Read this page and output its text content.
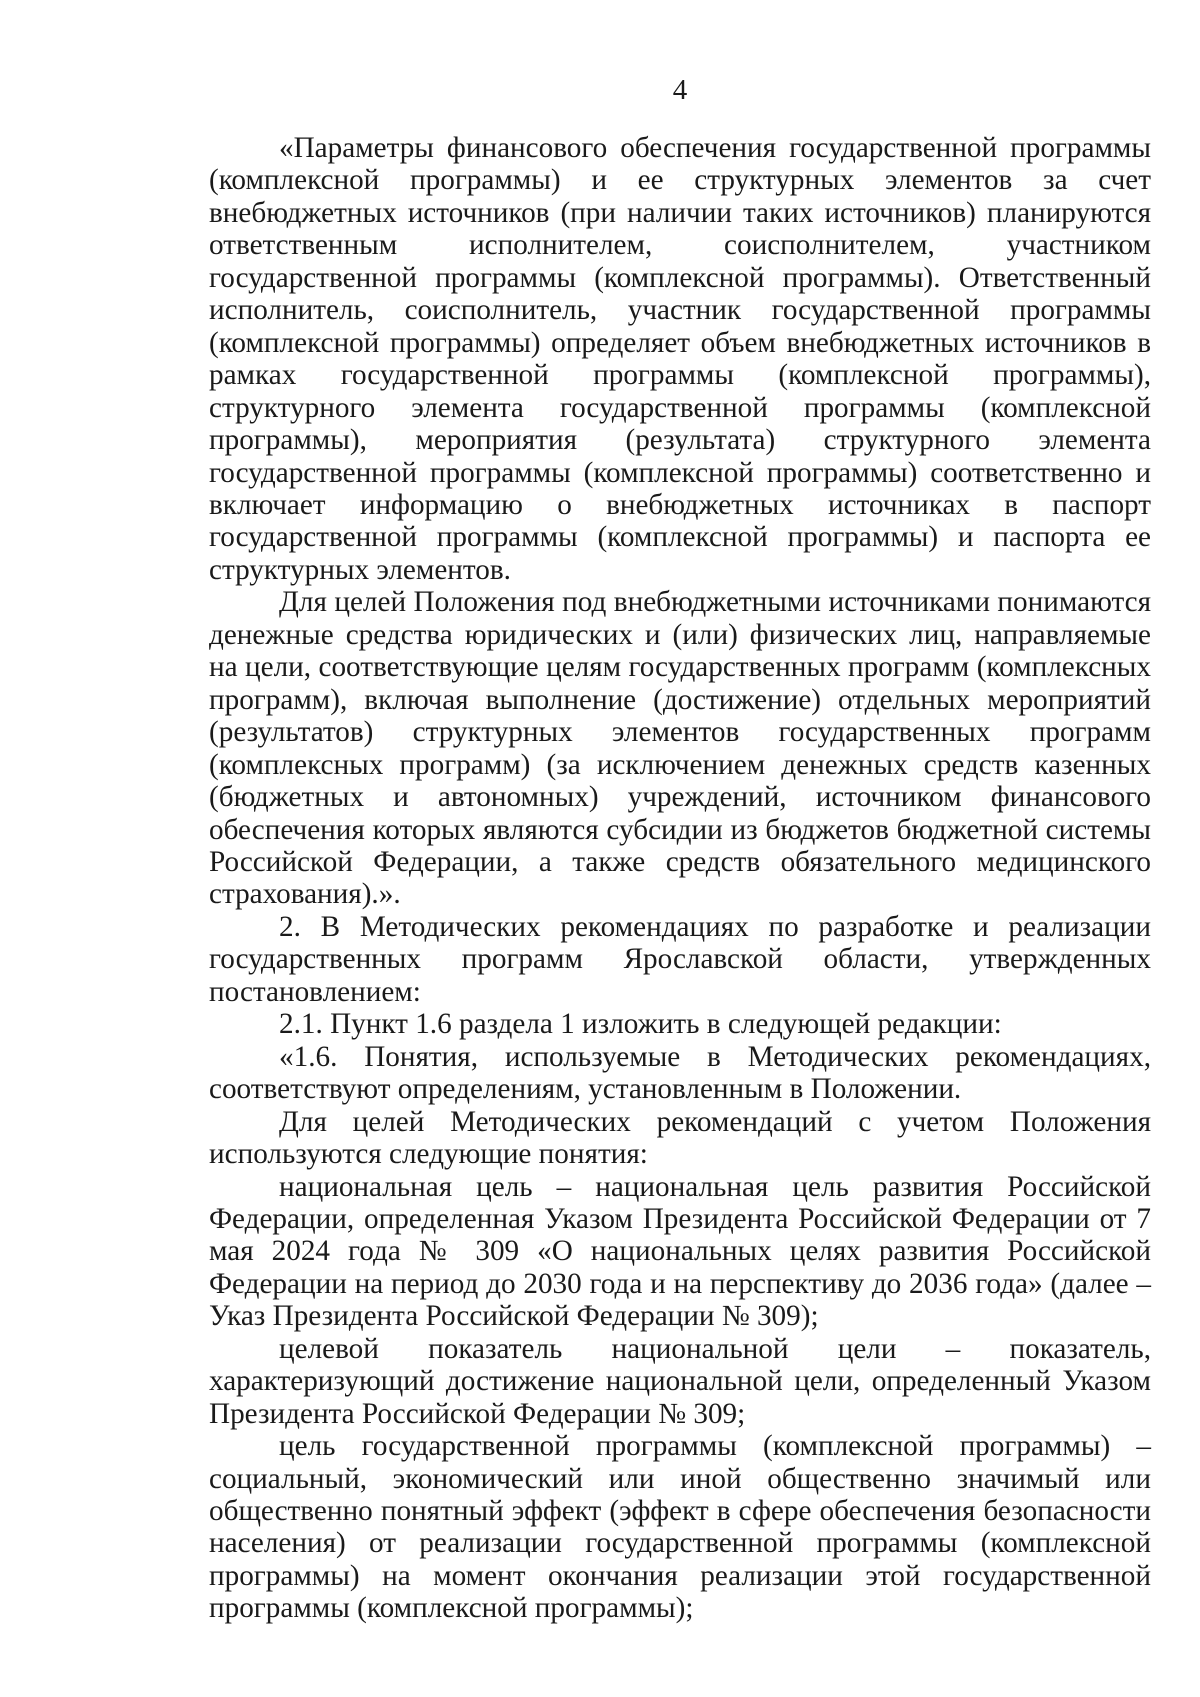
4

«Параметры финансового обеспечения государственной программы (комплексной программы) и ее структурных элементов за счет внебюджетных источников (при наличии таких источников) планируются ответственным исполнителем, соисполнителем, участником государственной программы (комплексной программы). Ответственный исполнитель, соисполнитель, участник государственной программы (комплексной программы) определяет объем внебюджетных источников в рамках государственной программы (комплексной программы), структурного элемента государственной программы (комплексной программы), мероприятия (результата) структурного элемента государственной программы (комплексной программы) соответственно и включает информацию о внебюджетных источниках в паспорт государственной программы (комплексной программы) и паспорта ее структурных элементов.

Для целей Положения под внебюджетными источниками понимаются денежные средства юридических и (или) физических лиц, направляемые на цели, соответствующие целям государственных программ (комплексных программ), включая выполнение (достижение) отдельных мероприятий (результатов) структурных элементов государственных программ (комплексных программ) (за исключением денежных средств казенных (бюджетных и автономных) учреждений, источником финансового обеспечения которых являются субсидии из бюджетов бюджетной системы Российской Федерации, а также средств обязательного медицинского страхования).».

2. В Методических рекомендациях по разработке и реализации государственных программ Ярославской области, утвержденных постановлением:

2.1. Пункт 1.6 раздела 1 изложить в следующей редакции:

«1.6. Понятия, используемые в Методических рекомендациях, соответствуют определениям, установленным в Положении.

Для целей Методических рекомендаций с учетом Положения используются следующие понятия:

национальная цель – национальная цель развития Российской Федерации, определенная Указом Президента Российской Федерации от 7 мая 2024 года № 309 «О национальных целях развития Российской Федерации на период до 2030 года и на перспективу до 2036 года» (далее – Указ Президента Российской Федерации № 309);

целевой показатель национальной цели – показатель, характеризующий достижение национальной цели, определенный Указом Президента Российской Федерации № 309;

цель государственной программы (комплексной программы) – социальный, экономический или иной общественно значимый или общественно понятный эффект (эффект в сфере обеспечения безопасности населения) от реализации государственной программы (комплексной программы) на момент окончания реализации этой государственной программы (комплексной программы);
